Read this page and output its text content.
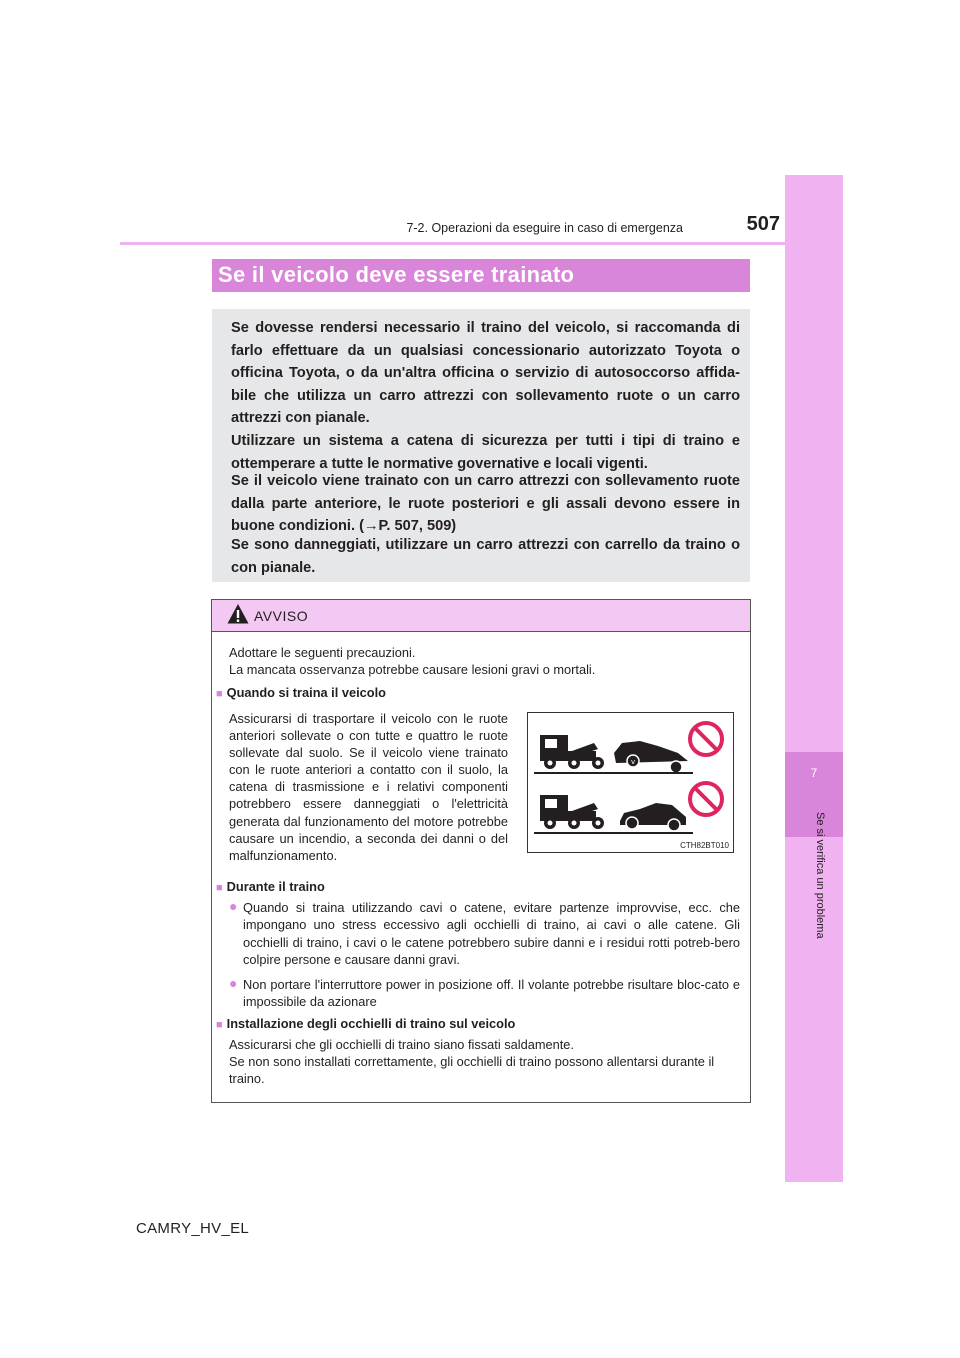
7
Se si verifica un problema
7-2. Operazioni da eseguire in caso di emergenza	507
Se il veicolo deve essere trainato

Se dovesse rendersi necessario il traino del veicolo, si raccomanda di farlo effettuare da un qualsiasi concessionario autorizzato Toyota o officina Toyota, o da un'altra officina o servizio di autosoccorso affida-bile che utilizza un carro attrezzi con sollevamento ruote o un carro attrezzi con pianale.

Utilizzare un sistema a catena di sicurezza per tutti i tipi di traino e ottemperare a tutte le normative governative e locali vigenti.

Se il veicolo viene trainato con un carro attrezzi con sollevamento ruote dalla parte anteriore, le ruote posteriori e gli assali devono essere in buone condizioni. (→P. 507, 509)

Se sono danneggiati, utilizzare un carro attrezzi con carrello da traino o con pianale.

AVVISO
Adottare le seguenti precauzioni.
La mancata osservanza potrebbe causare lesioni gravi o mortali.
■ Quando si traina il veicolo
Assicurarsi di trasportare il veicolo con le ruote anteriori sollevate o con tutte e quattro le ruote sollevate dal suolo. Se il veicolo viene trainato con le ruote anteriori a contatto con il suolo, la catena di trasmissione e i relativi componenti potrebbero essere danneggiati o l'elettricità generata dal funzionamento del motore potrebbe causare un incendio, a seconda dei danni o del malfunzionamento.
v
CTH82BT010
■ Durante il traino
● Quando si traina utilizzando cavi o catene, evitare partenze improvvise, ecc. che impongano uno stress eccessivo agli occhielli di traino, ai cavi o alle catene. Gli occhielli di traino, i cavi o le catene potrebbero subire danni e i residui rotti potreb-bero colpire persone e causare danni gravi.
● Non portare l'interruttore power in posizione off. Il volante potrebbe risultare bloc-cato e impossibile da azionare
■ Installazione degli occhielli di traino sul veicolo
Assicurarsi che gli occhielli di traino siano fissati saldamente.
Se non sono installati correttamente, gli occhielli di traino possono allentarsi durante il traino.
CAMRY_HV_EL
